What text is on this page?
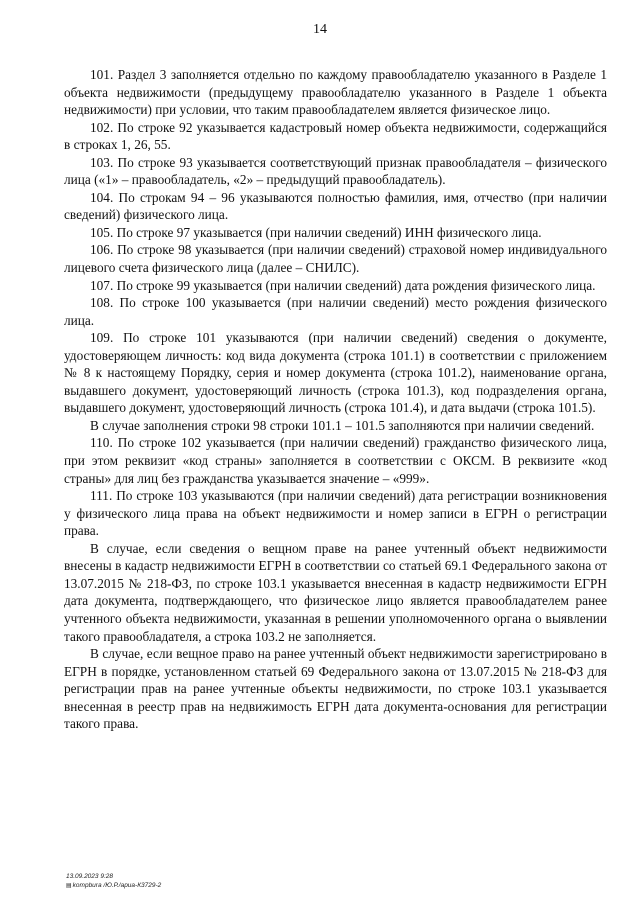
14

101. Раздел 3 заполняется отдельно по каждому правообладателю указанного в Разделе 1 объекта недвижимости (предыдущему правообладателю указанного в Разделе 1 объекта недвижимости) при условии, что таким правообладателем является физическое лицо.

102. По строке 92 указывается кадастровый номер объекта недвижимости, содержащийся в строках 1, 26, 55.

103. По строке 93 указывается соответствующий признак правообладателя – физического лица («1» – правообладатель, «2» – предыдущий правообладатель).

104. По строкам 94 – 96 указываются полностью фамилия, имя, отчество (при наличии сведений) физического лица.

105. По строке 97 указывается (при наличии сведений) ИНН физического лица.

106. По строке 98 указывается (при наличии сведений) страховой номер индивидуального лицевого счета физического лица (далее – СНИЛС).

107. По строке 99 указывается (при наличии сведений) дата рождения физического лица.

108. По строке 100 указывается (при наличии сведений) место рождения физического лица.

109. По строке 101 указываются (при наличии сведений) сведения о документе, удостоверяющем личность: код вида документа (строка 101.1) в соответствии с приложением № 8 к настоящему Порядку, серия и номер документа (строка 101.2), наименование органа, выдавшего документ, удостоверяющий личность (строка 101.3), код подразделения органа, выдавшего документ, удостоверяющий личность (строка 101.4), и дата выдачи (строка 101.5).

В случае заполнения строки 98 строки 101.1 – 101.5 заполняются при наличии сведений.

110. По строке 102 указывается (при наличии сведений) гражданство физического лица, при этом реквизит «код страны» заполняется в соответствии с ОКСМ. В реквизите «код страны» для лиц без гражданства указывается значение – «999».

111. По строке 103 указываются (при наличии сведений) дата регистрации возникновения у физического лица права на объект недвижимости и номер записи в ЕГРН о регистрации права.

В случае, если сведения о вещном праве на ранее учтенный объект недвижимости внесены в кадастр недвижимости ЕГРН в соответствии со статьей 69.1 Федерального закона от 13.07.2015 № 218-ФЗ, по строке 103.1 указывается внесенная в кадастр недвижимости ЕГРН дата документа, подтверждающего, что физическое лицо является правообладателем ранее учтенного объекта недвижимости, указанная в решении уполномоченного органа о выявлении такого правообладателя, а строка 103.2 не заполняется.

В случае, если вещное право на ранее учтенный объект недвижимости зарегистрировано в ЕГРН в порядке, установленном статьей 69 Федерального закона от 13.07.2015 № 218-ФЗ для регистрации прав на ранее учтенные объекты недвижимости, по строке 103.1 указывается внесенная в реестр прав на недвижимость ЕГРН дата документа-основания для регистрации такого права.

13.09.2023 9:28
▤kompbura /Ю.Р./ариа-К3729-2
